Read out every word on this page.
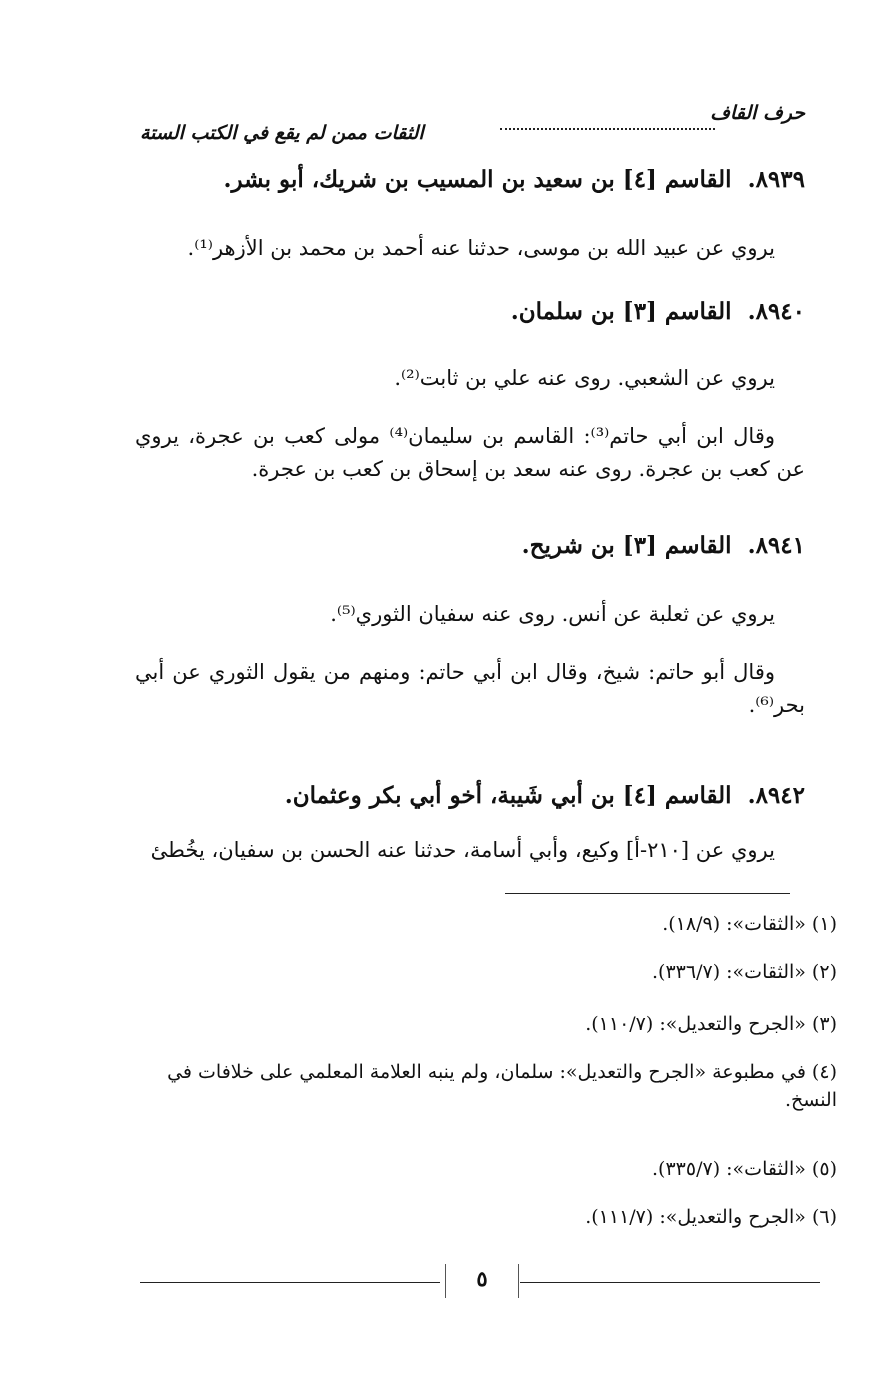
حرف القاف
الثقات ممن لم يقع في الكتب الستة
٨٩٣٩.القاسم [٤] بن سعيد بن المسيب بن شريك، أبو بشر.
يروي عن عبيد الله بن موسى، حدثنا عنه أحمد بن محمد بن الأزهر⁽¹⁾.
٨٩٤٠.القاسم [٣] بن سلمان.
يروي عن الشعبي. روى عنه علي بن ثابت⁽²⁾.
وقال ابن أبي حاتم⁽³⁾: القاسم بن سليمان⁽⁴⁾ مولى كعب بن عجرة، يروي عن كعب بن عجرة. روى عنه سعد بن إسحاق بن كعب بن عجرة.
٨٩٤١.القاسم [٣] بن شريح.
يروي عن ثعلبة عن أنس. روى عنه سفيان الثوري⁽⁵⁾.
وقال أبو حاتم: شيخ، وقال ابن أبي حاتم: ومنهم من يقول الثوري عن أبي بحر⁽⁶⁾.
٨٩٤٢.القاسم [٤] بن أبي شَيبة، أخو أبي بكر وعثمان.
يروي عن [٢١٠-أ] وكيع، وأبي أسامة، حدثنا عنه الحسن بن سفيان، يخُطئ
(١) «الثقات»: (١٨/٩).
(٢) «الثقات»: (٣٣٦/٧).
(٣) «الجرح والتعديل»: (١١٠/٧).
(٤) في مطبوعة «الجرح والتعديل»: سلمان، ولم ينبه العلامة المعلمي على خلافات في النسخ.
(٥) «الثقات»: (٣٣٥/٧).
(٦) «الجرح والتعديل»: (١١١/٧).
٥
